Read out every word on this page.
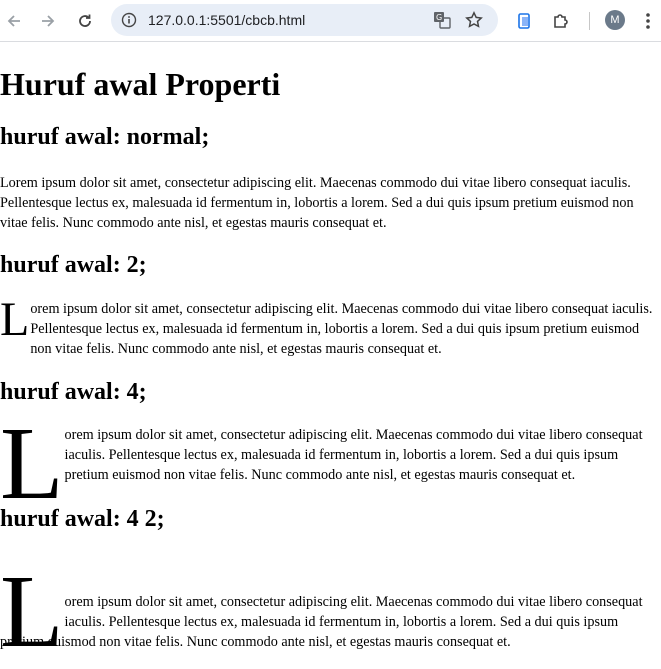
127.0.0.1:5501/cbcb.html	G	M
Huruf awal Properti
huruf awal: normal;

Lorem ipsum dolor sit amet, consectetur adipiscing elit. Maecenas commodo dui vitae libero consequat iaculis. Pellentesque lectus ex, malesuada id fermentum in, lobortis a lorem. Sed a dui quis ipsum pretium euismod non vitae felis. Nunc commodo ante nisl, et egestas mauris consequat et.

huruf awal: 2;

Lorem ipsum dolor sit amet, consectetur adipiscing elit. Maecenas commodo dui vitae libero consequat iaculis. Pellentesque lectus ex, malesuada id fermentum in, lobortis a lorem. Sed a dui quis ipsum pretium euismod non vitae felis. Nunc commodo ante nisl, et egestas mauris consequat et.

huruf awal: 4;

Lorem ipsum dolor sit amet, consectetur adipiscing elit. Maecenas commodo dui vitae libero consequat iaculis. Pellentesque lectus ex, malesuada id fermentum in, lobortis a lorem. Sed a dui quis ipsum pretium euismod non vitae felis. Nunc commodo ante nisl, et egestas mauris consequat et.

huruf awal: 4 2;

Lorem ipsum dolor sit amet, consectetur adipiscing elit. Maecenas commodo dui vitae libero consequat iaculis. Pellentesque lectus ex, malesuada id fermentum in, lobortis a lorem. Sed a dui quis ipsum pretium euismod non vitae felis. Nunc commodo ante nisl, et egestas mauris consequat et.
